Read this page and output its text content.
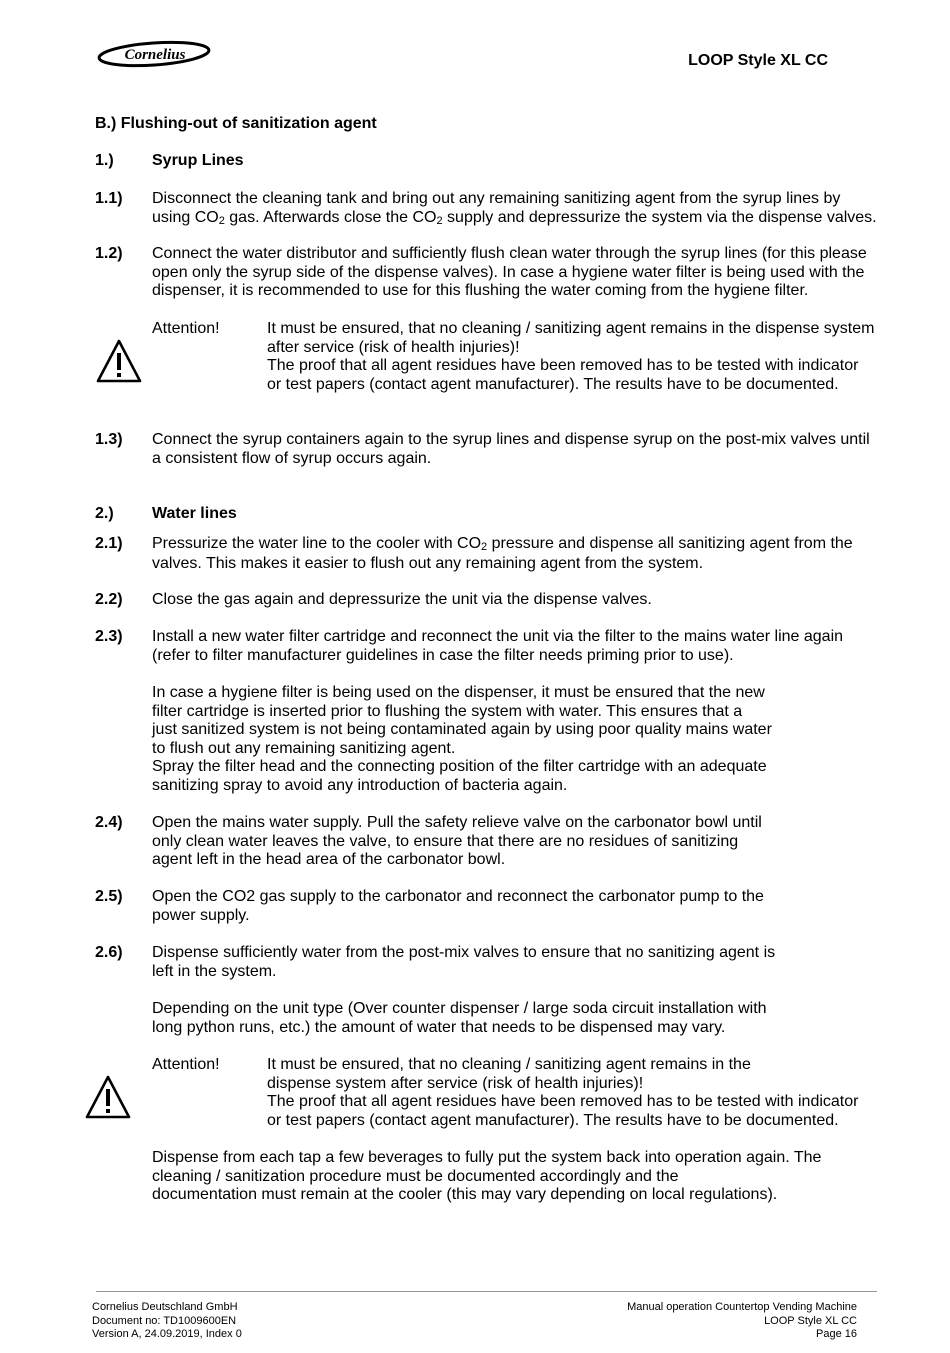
Cornelius	LOOP Style XL CC
B.) Flushing-out of sanitization agent
1.) Syrup Lines
1.1) Disconnect the cleaning tank and bring out any remaining sanitizing agent from the syrup lines by
using $CO_2$ gas. Afterwards close the $CO_2$ supply and depressurize the system via the dispense valves.
1.2) Connect the water distributor and sufficiently flush clean water through the syrup lines (for this please
open only the syrup side of the dispense valves). In case a hygiene water filter is being used with the
dispenser, it is recommended to use for this flushing the water coming from the hygiene filter.
Attention!	It must be ensured, that no cleaning / sanitizing agent remains in the dispense system
after service (risk of health injuries)!
The proof that all agent residues have been removed has to be tested with indicator
or test papers (contact agent manufacturer). The results have to be documented.
1.3) Connect the syrup containers again to the syrup lines and dispense syrup on the post-mix valves until
a consistent flow of syrup occurs again.
2.) Water lines
2.1) Pressurize the water line to the cooler with $CO_2$ pressure and dispense all sanitizing agent from the
valves. This makes it easier to flush out any remaining agent from the system.
2.2) Close the gas again and depressurize the unit via the dispense valves.
2.3) Install a new water filter cartridge and reconnect the unit via the filter to the mains water line again
(refer to filter manufacturer guidelines in case the filter needs priming prior to use).
In case a hygiene filter is being used on the dispenser, it must be ensured that the new
filter cartridge is inserted prior to flushing the system with water. This ensures that a
just sanitized system is not being contaminated again by using poor quality mains water
to flush out any remaining sanitizing agent.
Spray the filter head and the connecting position of the filter cartridge with an adequate
sanitizing spray to avoid any introduction of bacteria again.
2.4) Open the mains water supply. Pull the safety relieve valve on the carbonator bowl until
only clean water leaves the valve, to ensure that there are no residues of sanitizing
agent left in the head area of the carbonator bowl.
2.5) Open the CO2 gas supply to the carbonator and reconnect the carbonator pump to the
power supply.
2.6) Dispense sufficiently water from the post-mix valves to ensure that no sanitizing agent is
left in the system.
Depending on the unit type (Over counter dispenser / large soda circuit installation with
long python runs, etc.) the amount of water that needs to be dispensed may vary.
Attention!	It must be ensured, that no cleaning / sanitizing agent remains in the
dispense system after service (risk of health injuries)!
The proof that all agent residues have been removed has to be tested with indicator
or test papers (contact agent manufacturer). The results have to be documented.
Dispense from each tap a few beverages to fully put the system back into operation again. The
cleaning / sanitization procedure must be documented accordingly and the
documentation must remain at the cooler (this may vary depending on local regulations).
Cornelius Deutschland GmbH
Document no: TD1009600EN
Version A, 24.09.2019, Index 0
Manual operation Countertop Vending Machine
LOOP Style XL CC
Page 16
